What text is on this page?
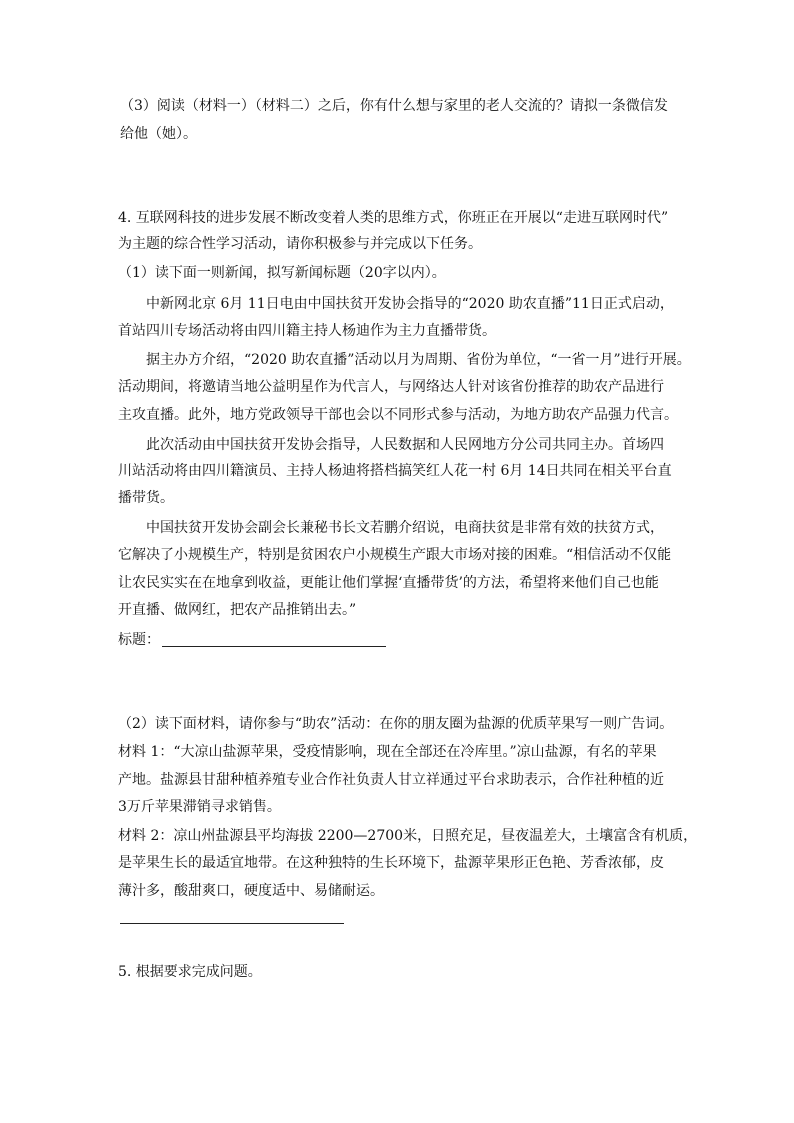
（3）阅读（材料一）（材料二）之后，你有什么想与家里的老人交流的？请拟一条微信发
给他（她）。
4. 互联网科技的进步发展不断改变着人类的思维方式，你班正在开展以“走进互联网时代”
为主题的综合性学习活动，请你积极参与并完成以下任务。
（1）读下面一则新闻，拟写新闻标题（20字以内）。
中新网北京 6月 11日电由中国扶贫开发协会指导的“2020 助农直播”11日正式启动，
首站四川专场活动将由四川籍主持人杨迪作为主力直播带货。
据主办方介绍，“2020 助农直播”活动以月为周期、省份为单位，“一省一月”进行开展。
活动期间，将邀请当地公益明星作为代言人，与网络达人针对该省份推荐的助农产品进行
主攻直播。此外，地方党政领导干部也会以不同形式参与活动，为地方助农产品强力代言。
此次活动由中国扶贫开发协会指导，人民数据和人民网地方分公司共同主办。首场四
川站活动将由四川籍演员、主持人杨迪将搭档搞笑红人花一村 6月 14日共同在相关平台直
播带货。
中国扶贫开发协会副会长兼秘书长文若鹏介绍说，电商扶贫是非常有效的扶贫方式，
它解决了小规模生产，特别是贫困农户小规模生产跟大市场对接的困难。“相信活动不仅能
让农民实实在在地拿到收益，更能让他们掌握‘直播带货’的方法，希望将来他们自己也能
开直播、做网红，把农产品推销出去。”
标题：
（2）读下面材料，请你参与“助农”活动：在你的朋友圈为盐源的优质苹果写一则广告词。
材料 1：“大凉山盐源苹果，受疫情影响，现在全部还在冷库里。”凉山盐源，有名的苹果
产地。盐源县甘甜种植养殖专业合作社负责人甘立祥通过平台求助表示，合作社种植的近
3万斤苹果滞销寻求销售。
材料 2：凉山州盐源县平均海拔 2200—2700米，日照充足，昼夜温差大，土壤富含有机质，
是苹果生长的最适宜地带。在这种独特的生长环境下，盐源苹果形正色艳、芳香浓郁，皮
薄汁多，酸甜爽口，硬度适中、易储耐运。
5. 根据要求完成问题。
